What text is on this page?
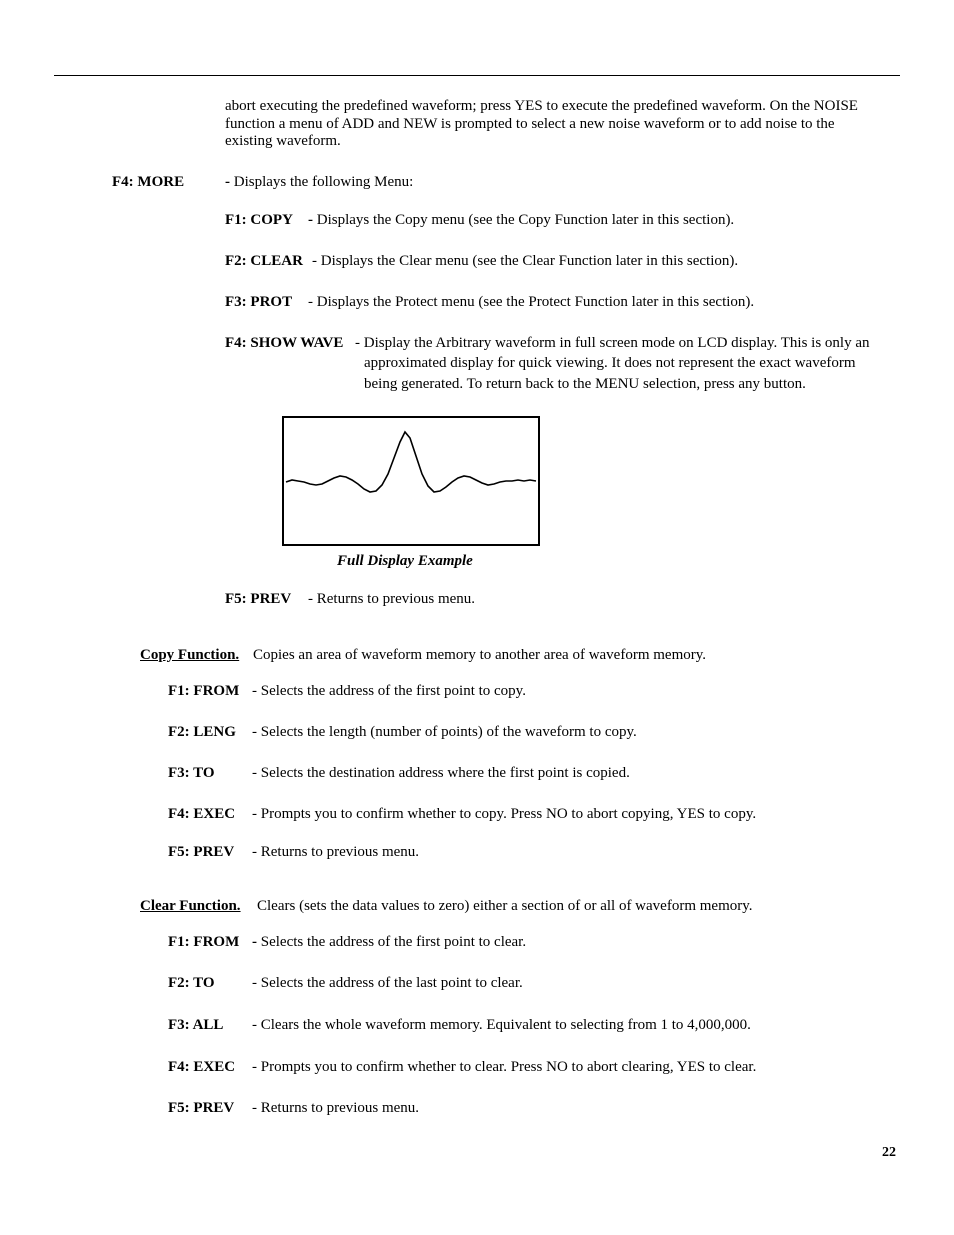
abort executing the predefined waveform; press YES to execute the predefined waveform. On the NOISE
function a menu of ADD and NEW is prompted to select a new noise waveform or to add noise to the
existing waveform.
F4: MORE	- Displays the following Menu:
F1: COPY - Displays the Copy menu (see the Copy Function later in this section).
F2: CLEAR - Displays the Clear menu (see the Clear Function later in this section).
F3: PROT - Displays the Protect menu (see the Protect Function later in this section).
F4: SHOW WAVE - Display the Arbitrary waveform in full screen mode on LCD display. This is only an
approximated display for quick viewing. It does not represent the exact waveform
being generated. To return back to the MENU selection, press any button.
Full Display Example
F5: PREV - Returns to previous menu.
Copy Function. Copies an area of waveform memory to another area of waveform memory.
F1: FROM - Selects the address of the first point to copy.
F2: LENG - Selects the length (number of points) of the waveform to copy.
F3: TO - Selects the destination address where the first point is copied.
F4: EXEC - Prompts you to confirm whether to copy. Press NO to abort copying, YES to copy.
F5: PREV - Returns to previous menu.
Clear Function. Clears (sets the data values to zero) either a section of or all of waveform memory.
F1: FROM - Selects the address of the first point to clear.
F2: TO - Selects the address of the last point to clear.
F3: ALL - Clears the whole waveform memory. Equivalent to selecting from 1 to 4,000,000.
F4: EXEC - Prompts you to confirm whether to clear. Press NO to abort clearing, YES to clear.
F5: PREV - Returns to previous menu.
22
